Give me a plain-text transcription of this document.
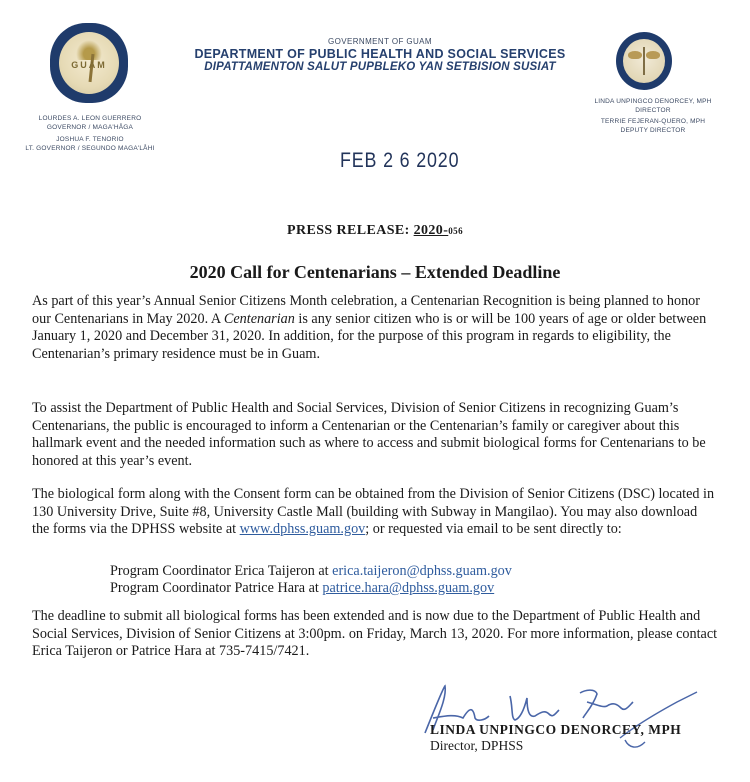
GUAM
LOURDES A. LEON GUERRERO
GOVERNOR / MAGA'HÅGA
JOSHUA F. TENORIO
LT. GOVERNOR / SEGUNDO MAGA'LÅHI
GOVERNMENT OF GUAM
DEPARTMENT OF PUBLIC HEALTH AND SOCIAL SERVICES
DIPATTAMENTON SALUT PUPBLEKO YAN SETBISION SUSIAT
LINDA UNPINGCO DENORCEY, MPH
DIRECTOR
TERRIE FEJERAN-QUERO, MPH
DEPUTY DIRECTOR
FEB 2 6 2020
PRESS RELEASE: 2020-056
2020 Call for Centenarians – Extended Deadline

As part of this year’s Annual Senior Citizens Month celebration, a Centenarian Recognition is being planned to honor our Centenarians in May 2020. A Centenarian is any senior citizen who is or will be 100 years of age or older between January 1, 2020 and December 31, 2020. In addition, for the purpose of this program in regards to eligibility, the Centenarian’s primary residence must be in Guam.

To assist the Department of Public Health and Social Services, Division of Senior Citizens in recognizing Guam’s Centenarians, the public is encouraged to inform a Centenarian or the Centenarian’s family or caregiver about this hallmark event and the needed information such as where to access and submit biological forms for Centenarians to be honored at this year’s event.

The biological form along with the Consent form can be obtained from the Division of Senior Citizens (DSC) located in 130 University Drive, Suite #8, University Castle Mall (building with Subway in Mangilao). You may also download the forms via the DPHSS website at www.dphss.guam.gov; or requested via email to be sent directly to:

Program Coordinator Erica Taijeron at erica.taijeron@dphss.guam.gov
Program Coordinator Patrice Hara at patrice.hara@dphss.guam.gov

The deadline to submit all biological forms has been extended and is now due to the Department of Public Health and Social Services, Division of Senior Citizens at 3:00pm. on Friday, March 13, 2020. For more information, please contact Erica Taijeron or Patrice Hara at 735-7415/7421.

LINDA UNPINGCO DENORCEY, MPH
Director, DPHSS
